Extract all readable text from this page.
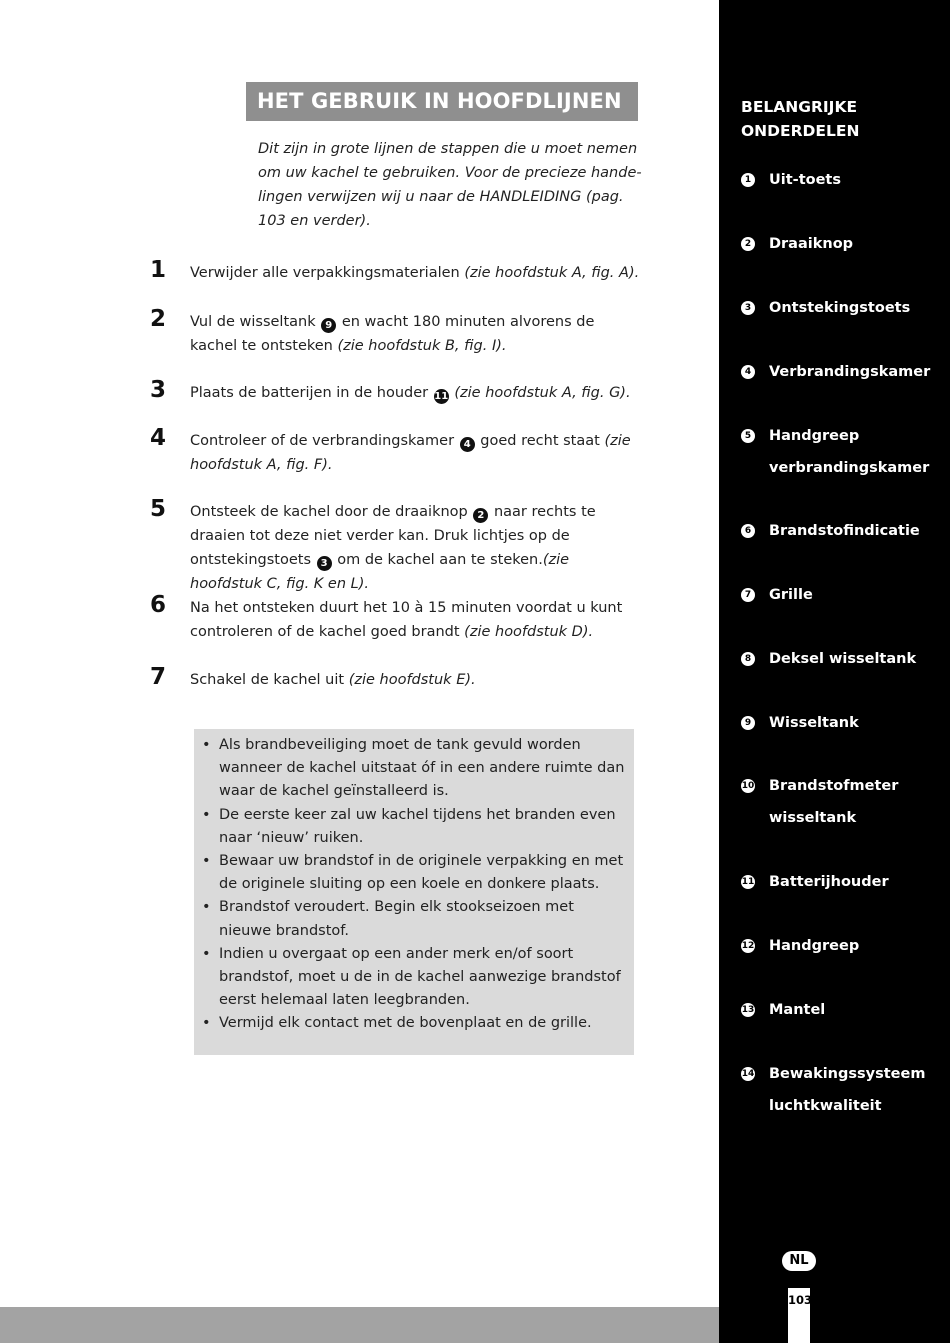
HET GEBRUIK IN HOOFDLIJNEN
Dit zijn in grote lijnen de stappen die u moet nemen om uw kachel te gebruiken. Voor de precieze hande-lingen verwijzen wij u naar de HANDLEIDING (pag. 103 en verder).
1	Verwijder alle verpakkingsmaterialen (zie hoofdstuk A, fig. A).
2	Vul de wisseltank 9 en wacht 180 minuten alvorens de kachel te ontsteken (zie hoofdstuk B, fig. I).
3	Plaats de batterijen in de houder 11 (zie hoofdstuk A, fig. G).
4	Controleer of de verbrandingskamer 4 goed recht staat (zie hoofdstuk A, fig. F).
5	Ontsteek de kachel door de draaiknop 2 naar rechts te draaien tot deze niet verder kan. Druk lichtjes op de ontstekingstoets 3 om de kachel aan te steken.(zie hoofdstuk C, fig. K en L).
6	Na het ontsteken duurt het 10 à 15 minuten voordat u kunt controleren of de kachel goed brandt (zie hoofdstuk D).
7	Schakel de kachel uit (zie hoofdstuk E).
• Als brandbeveiliging moet de tank gevuld worden wanneer de kachel uitstaat óf in een andere ruimte dan waar de kachel geïnstalleerd is.
• De eerste keer zal uw kachel tijdens het branden even naar ‘nieuw’ ruiken.
• Bewaar uw brandstof in de originele verpakking en met de originele sluiting op een koele en donkere plaats.
• Brandstof veroudert. Begin elk stookseizoen met nieuwe brandstof.
• Indien u overgaat op een ander merk en/of soort brandstof, moet u de in de kachel aanwezige brandstof eerst helemaal laten leegbranden.
• Vermijd elk contact met de bovenplaat en de grille.
BELANGRIJKE
ONDERDELEN
1 Uit-toets
2 Draaiknop
3 Ontstekingstoets
4 Verbrandingskamer
5 Handgreep verbrandingskamer
6 Brandstofindicatie
7 Grille
8 Deksel wisseltank
9 Wisseltank
10 Brandstofmeter wisseltank
11 Batterijhouder
12 Handgreep
13 Mantel
14 Bewakingssysteem luchtkwaliteit
NL
103
